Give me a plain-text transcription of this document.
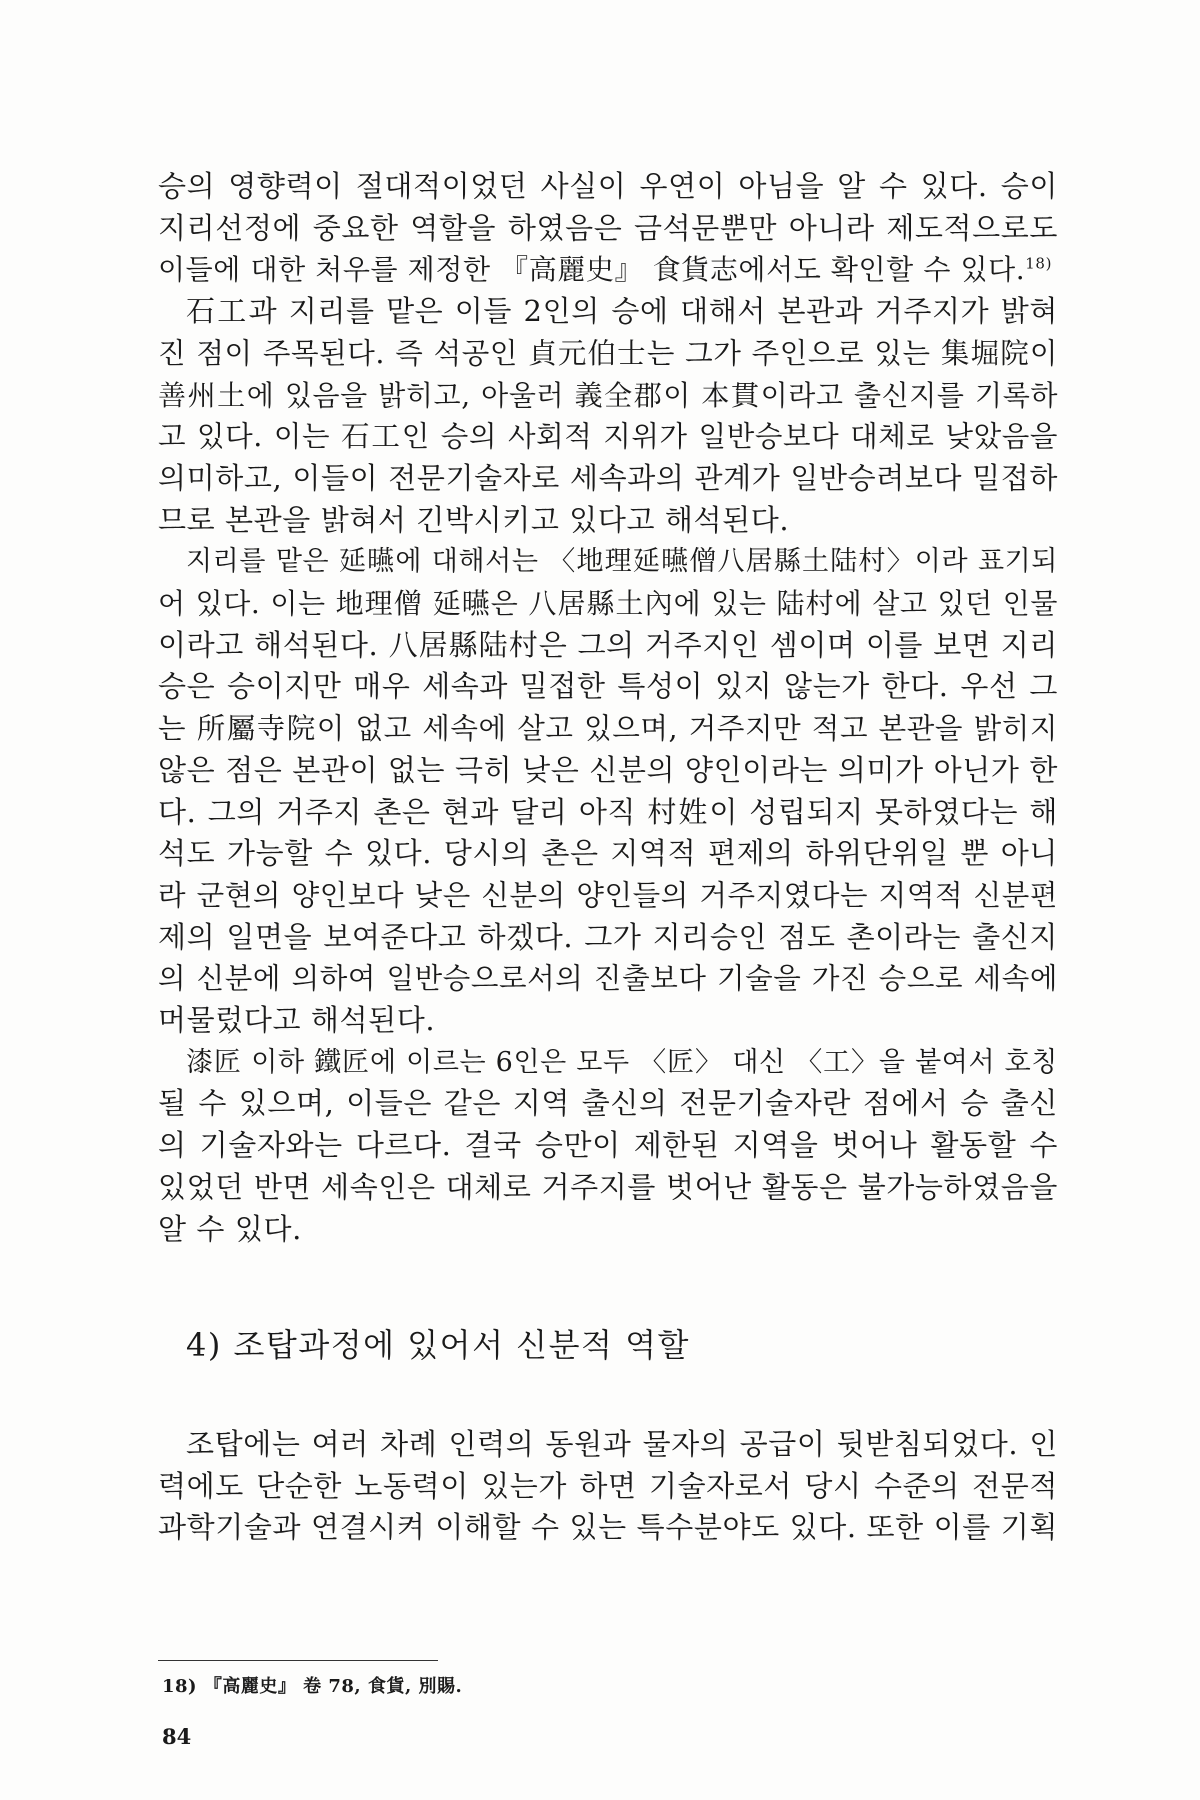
승의 영향력이 절대적이었던 사실이 우연이 아님을 알 수 있다. 승이
지리선정에 중요한 역할을 하였음은 금석문뿐만 아니라 제도적으로도
이들에 대한 처우를 제정한 『高麗史』 食貨志에서도 확인할 수 있다.$^{18)}$

石工과 지리를 맡은 이들 2인의 승에 대해서 본관과 거주지가 밝혀
진 점이 주목된다. 즉 석공인 貞元伯士는 그가 주인으로 있는 集堀院이
善州土에 있음을 밝히고, 아울러 義全郡이 本貫이라고 출신지를 기록하
고 있다. 이는 石工인 승의 사회적 지위가 일반승보다 대체로 낮았음을
의미하고, 이들이 전문기술자로 세속과의 관계가 일반승려보다 밀접하
므로 본관을 밝혀서 긴박시키고 있다고 해석된다.

지리를 맡은 延曣에 대해서는 〈地理延曣僧八居縣土陆村〉이라 표기되
어 있다. 이는 地理僧 延曣은 八居縣土內에 있는 陆村에 살고 있던 인물
이라고 해석된다. 八居縣陆村은 그의 거주지인 셈이며 이를 보면 지리
승은 승이지만 매우 세속과 밀접한 특성이 있지 않는가 한다. 우선 그
는 所屬寺院이 없고 세속에 살고 있으며, 거주지만 적고 본관을 밝히지
않은 점은 본관이 없는 극히 낮은 신분의 양인이라는 의미가 아닌가 한
다. 그의 거주지 촌은 현과 달리 아직 村姓이 성립되지 못하였다는 해
석도 가능할 수 있다. 당시의 촌은 지역적 편제의 하위단위일 뿐 아니
라 군현의 양인보다 낮은 신분의 양인들의 거주지였다는 지역적 신분편
제의 일면을 보여준다고 하겠다. 그가 지리승인 점도 촌이라는 출신지
의 신분에 의하여 일반승으로서의 진출보다 기술을 가진 승으로 세속에
머물렀다고 해석된다.

漆匠 이하 鐵匠에 이르는 6인은 모두 〈匠〉 대신 〈工〉을 붙여서 호칭
될 수 있으며, 이들은 같은 지역 출신의 전문기술자란 점에서 승 출신
의 기술자와는 다르다. 결국 승만이 제한된 지역을 벗어나 활동할 수
있었던 반면 세속인은 대체로 거주지를 벗어난 활동은 불가능하였음을
알 수 있다.

4) 조탑과정에 있어서 신분적 역할

조탑에는 여러 차례 인력의 동원과 물자의 공급이 뒷받침되었다. 인
력에도 단순한 노동력이 있는가 하면 기술자로서 당시 수준의 전문적
과학기술과 연결시켜 이해할 수 있는 특수분야도 있다. 또한 이를 기획

18) 『高麗史』 卷 78, 食貨, 別賜.
84
